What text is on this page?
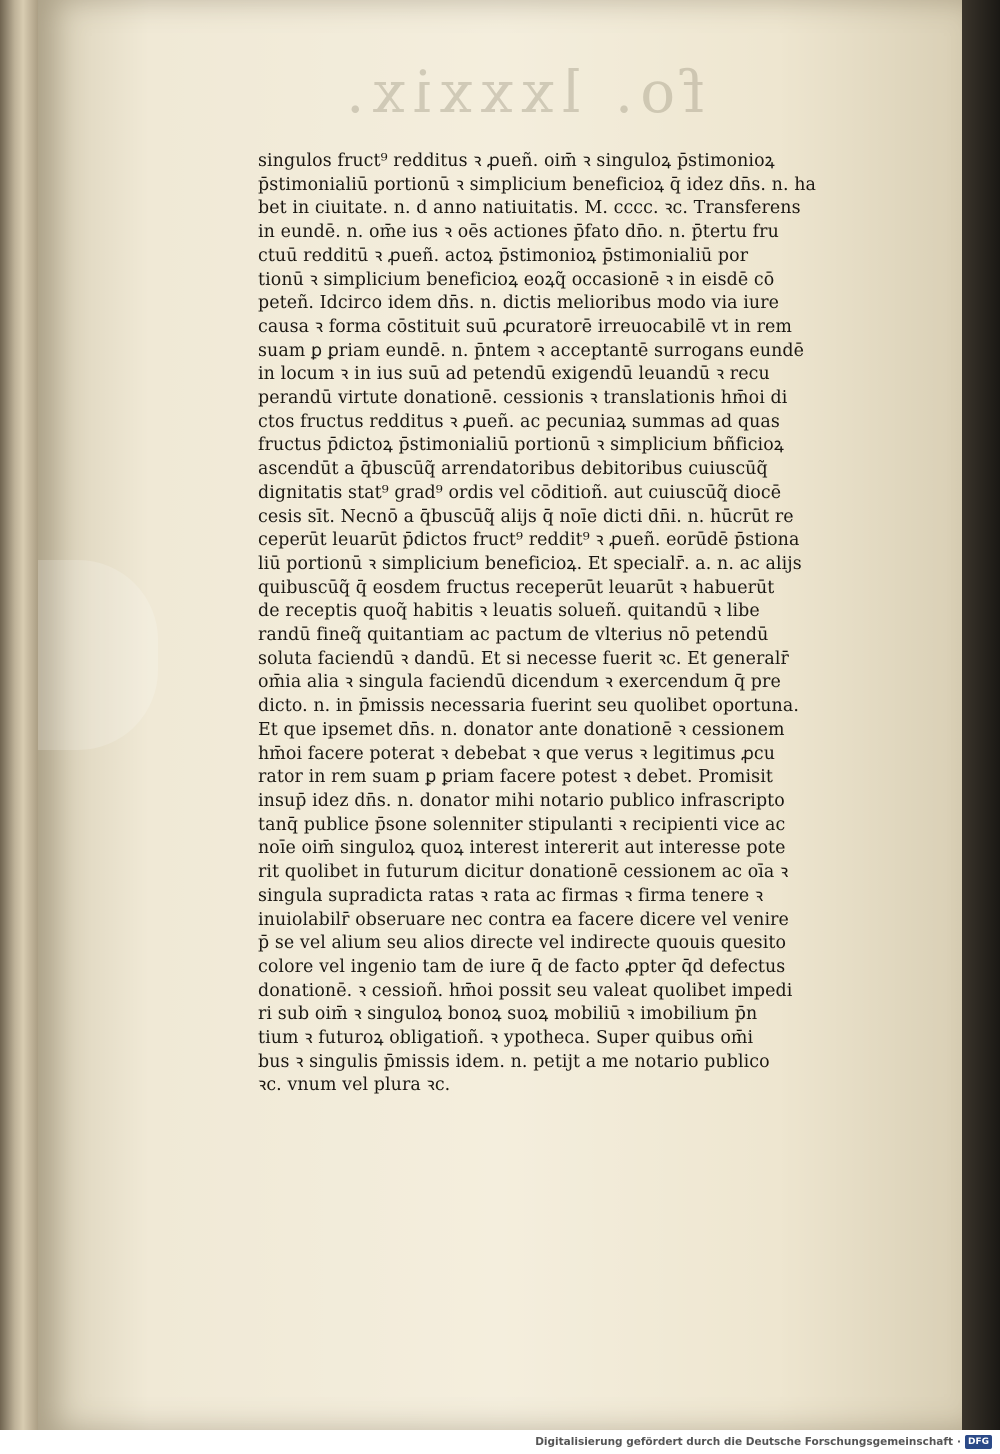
fo. lxxxix.
singulos fruct⁹ redditus ꝛ ꝓueñ. oim̄ ꝛ singuloꝝ p̄stimonioꝝ
p̄stimonialiū portionū ꝛ simplicium beneficioꝝ q̄ idez dn̄s. n. ha
bet in ciuitate. n. d̄ anno natiuitatis. M. cccc. ꝛc. Transferens
in eundē. n. om̄e ius ꝛ oēs actiones p̄fato dn̄o. n. p̄tertu fru
ctuū redditū ꝛ ꝓueñ. actoꝝ p̄stimonioꝝ p̄stimonialiū por
tionū ꝛ simplicium beneficioꝝ eoꝝq̃ occasionē ꝛ in eisdē cō
peteñ. Idcirco idem dn̄s. n. dictis melioribus modo via iure
causa ꝛ forma cōstituit suū ꝓcuratorē irreuocabilē vt in rem
suam ꝑ ꝑriam eundē. n. p̄ntem ꝛ acceptantē surrogans eundē
in locum ꝛ in ius suū ad petendū exigendū leuandū ꝛ recu
perandū virtute donationē. cessionis ꝛ translationis hm̄oi di
ctos fructus redditus ꝛ ꝓueñ. ac pecuniaꝝ summas ad quas
fructus p̄dictoꝝ p̄stimonialiū portionū ꝛ simplicium b̄ñficioꝝ
ascendūt a q̄buscūq̃ arrendatoribus debitoribus cuiuscūq̃
dignitatis stat⁹ grad⁹ ordis vel cōditioñ. aut cuiuscūq̃ diocē
cesis sīt. Necnō a q̄buscūq̃ alijs q̄ noīe dicti dn̄i. n. hūcrūt re
ceperūt leuarūt p̄dictos fruct⁹ reddit⁹ ꝛ ꝓueñ. eorūdē p̄stiona
liū portionū ꝛ simplicium beneficioꝝ. Et specialr̄. a. n. ac alijs
quibuscūq̃ q̄ eosdem fructus receperūt leuarūt ꝛ habuerūt
de receptis quoq̃ habitis ꝛ leuatis solueñ. quitandū ꝛ libe
randū fineq̃ quitantiam ac pactum de vlterius nō petendū
soluta faciendū ꝛ dandū. Et si necesse fuerit ꝛc. Et generalr̄
om̄ia alia ꝛ singula faciendū dicendum ꝛ exercendum q̄ pre
dicto. n. in p̄missis necessaria fuerint seu quolibet oportuna.
Et que ipsemet dn̄s. n. donator ante donationē ꝛ cessionem
hm̄oi facere poterat ꝛ debebat ꝛ que verus ꝛ legitimus ꝓcu
rator in rem suam ꝑ ꝑriam facere potest ꝛ debet. Promisit
insup̄ idez dn̄s. n. donator mihi notario publico infrascripto
tanq̄ publice p̄sone solenniter stipulanti ꝛ recipienti vice ac
noīe oim̄ singuloꝝ quoꝝ interest intererit aut interesse pote
rit quolibet in futurum dicitur donationē cessionem ac oīa ꝛ
singula supradicta ratas ꝛ rata ac firmas ꝛ firma tenere ꝛ
inuiolabilr̄ obseruare nec contra ea facere dicere vel venire
p̄ se vel alium seu alios directe vel indirecte quouis quesito
colore vel ingenio tam de iure q̄ de facto ꝓpter q̄d defectus
donationē. ꝛ cessioñ. hm̄oi possit seu valeat quolibet impedi
ri sub oim̄ ꝛ singuloꝝ bonoꝝ suoꝝ mobiliū ꝛ imobilium p̄n
tium ꝛ futuroꝝ obligatioñ. ꝛ ypotheca. Super quibus om̄i
bus ꝛ singulis p̄missis idem. n. petijt a me notario publico
ꝛc. vnum vel plura ꝛc.
Digitalisierung gefördert durch die Deutsche Forschungsgemeinschaft · DFG
